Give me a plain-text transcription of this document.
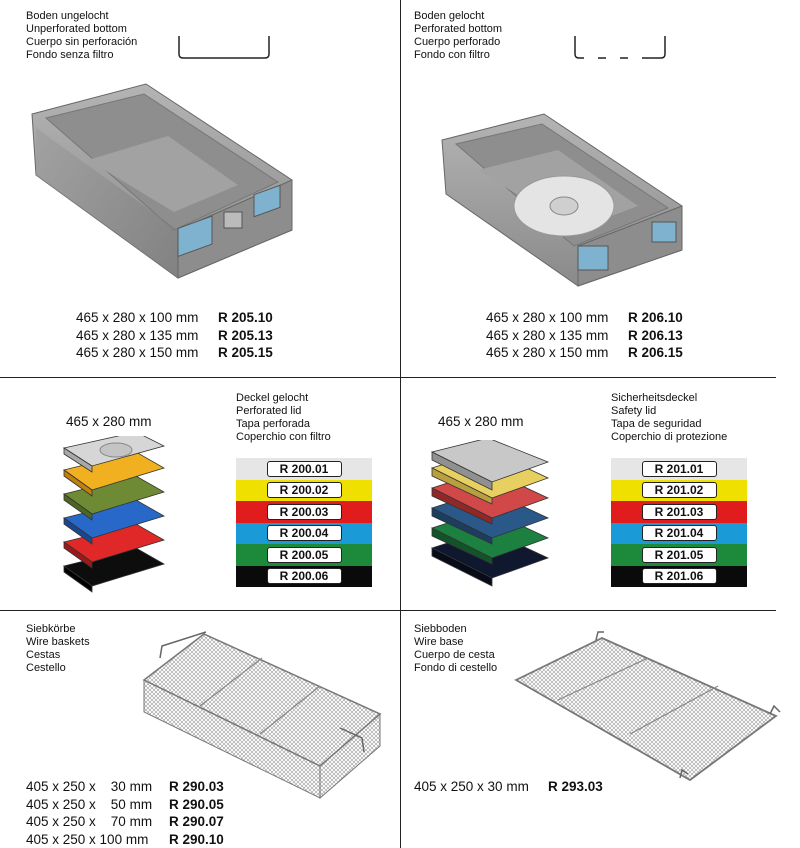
Boden ungelocht
Unperforated bottom
Cuerpo sin perforación
Fondo senza filtro
465 x 280 x 100 mm	R 205.10
465 x 280 x 135 mm	R 205.13
465 x 280 x 150 mm	R 205.15
Boden gelocht
Perforated bottom
Cuerpo perforado
Fondo con filtro
465 x 280 x 100 mm	R 206.10
465 x 280 x 135 mm	R 206.13
465 x 280 x 150 mm	R 206.15
465 x 280 mm
Deckel gelocht
Perforated lid
Tapa perforada
Coperchio con filtro
R 200.01
R 200.02
R 200.03
R 200.04
R 200.05
R 200.06
465 x 280 mm
Sicherheitsdeckel
Safety lid
Tapa de seguridad
Coperchio di protezione
R 201.01
R 201.02
R 201.03
R 201.04
R 201.05
R 201.06
Siebkörbe
Wire baskets
Cestas
Cestello
405 x 250 x    30 mm	R 290.03
405 x 250 x    50 mm	R 290.05
405 x 250 x    70 mm	R 290.07
405 x 250 x 100 mm	R 290.10
Siebboden
Wire base
Cuerpo de cesta
Fondo di cestello
405 x 250 x 30 mm	R 293.03
